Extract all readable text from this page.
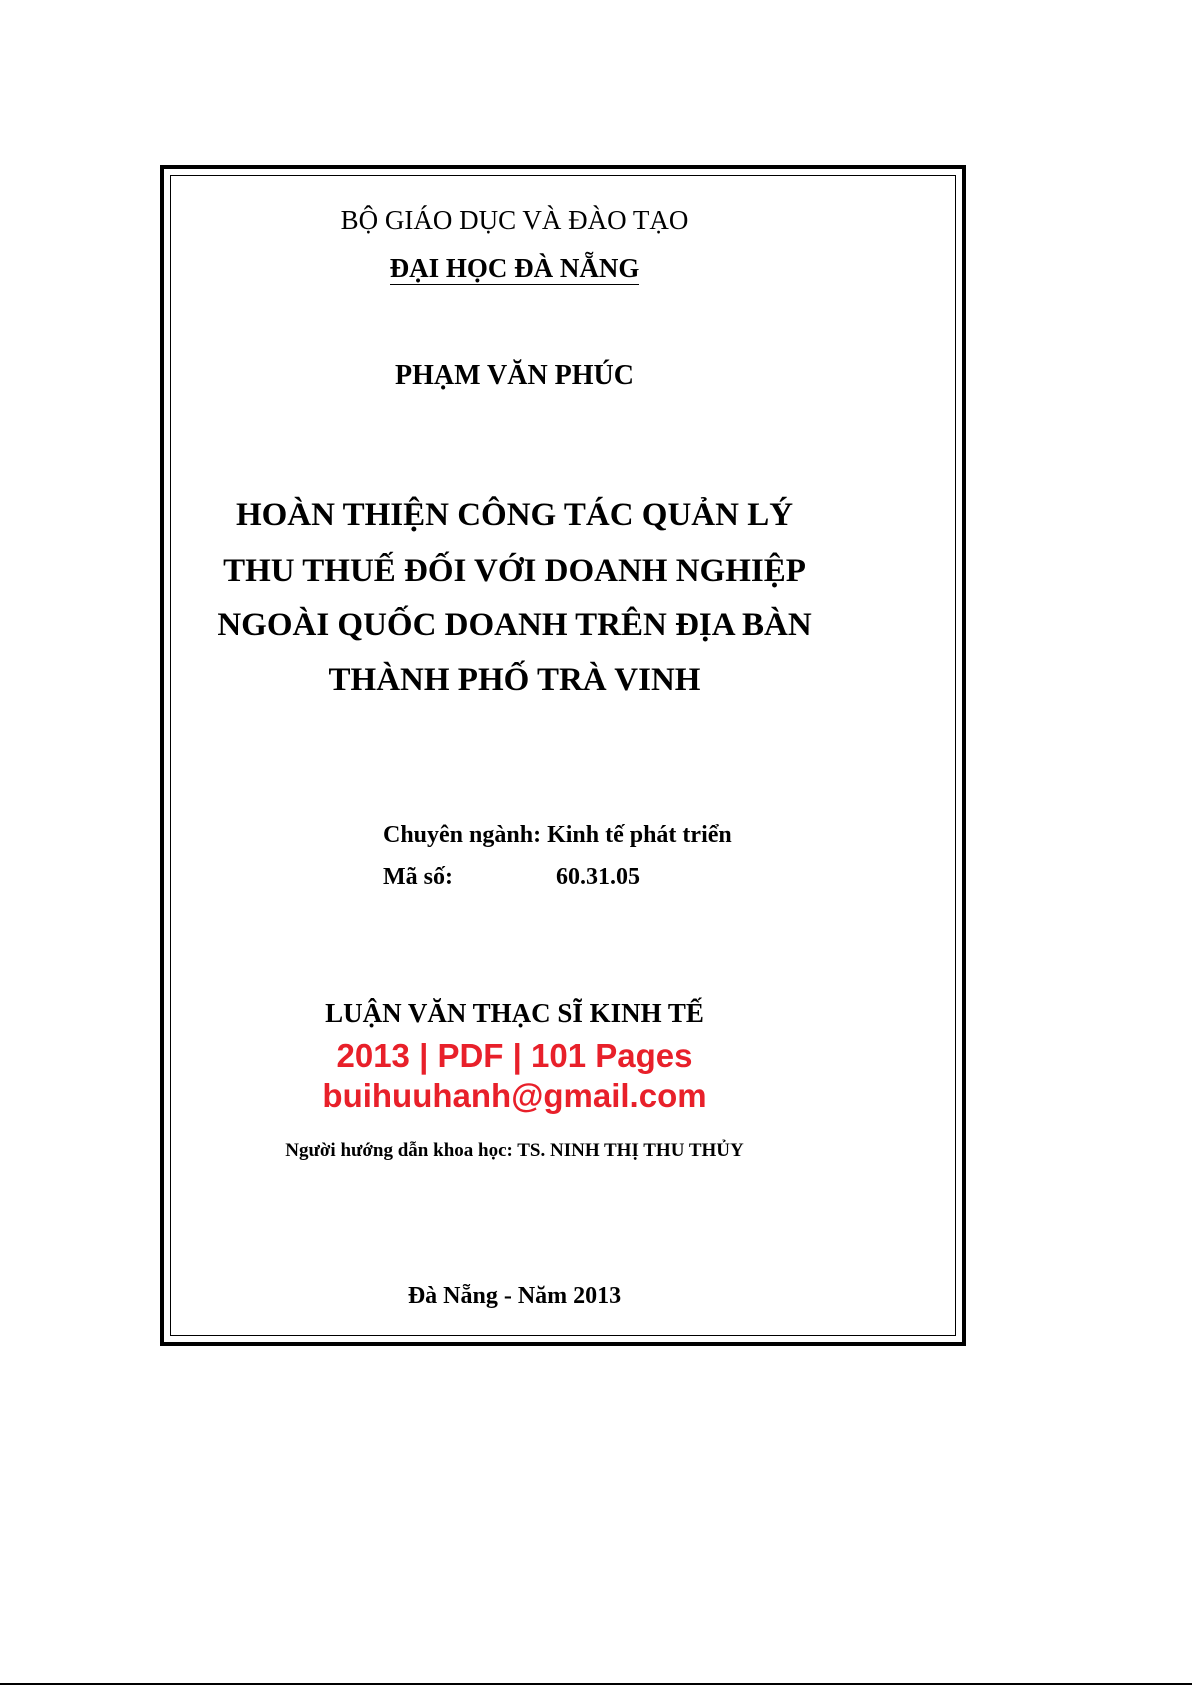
BỘ GIÁO DỤC VÀ ĐÀO TẠO
ĐẠI HỌC ĐÀ NẴNG
PHẠM VĂN PHÚC
HOÀN THIỆN CÔNG TÁC QUẢN LÝ
THU THUẾ ĐỐI VỚI DOANH NGHIỆP
NGOÀI QUỐC DOANH TRÊN ĐỊA BÀN
THÀNH PHỐ TRÀ VINH
Chuyên ngành: Kinh tế phát triển
Mã số:	60.31.05
LUẬN VĂN THẠC SĨ KINH TẾ
2013 | PDF | 101 Pages
buihuuhanh@gmail.com
Người hướng dẫn khoa học: TS. NINH THỊ THU THỦY
Đà Nẵng - Năm 2013
